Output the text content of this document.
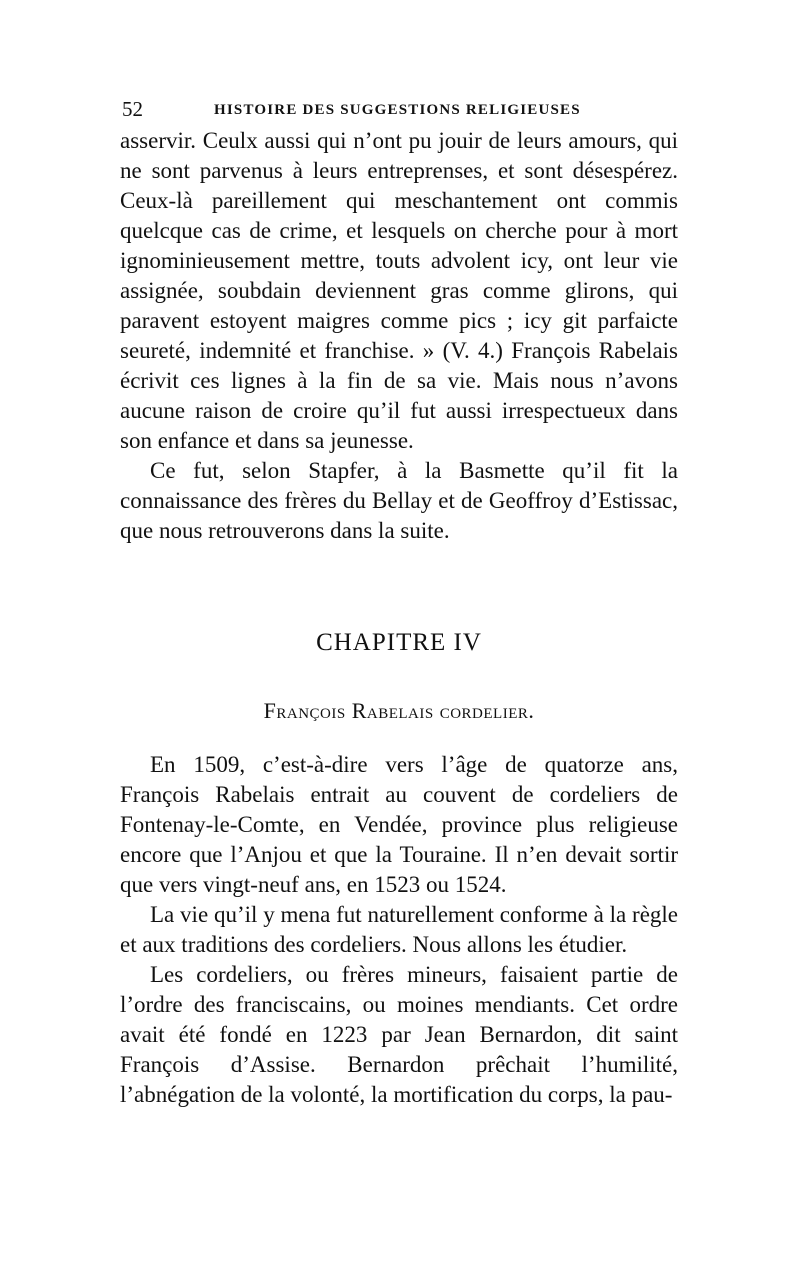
52	HISTOIRE DES SUGGESTIONS RELIGIEUSES

asservir. Ceulx aussi qui n’ont pu jouir de leurs amours, qui ne sont parvenus à leurs entreprenses, et sont désespérez. Ceux-là pareillement qui meschantement ont commis quelcque cas de crime, et lesquels on cherche pour à mort ignominieusement mettre, touts advolent icy, ont leur vie assignée, soubdain deviennent gras comme glirons, qui paravent estoyent maigres comme pics ; icy git parfaicte seureté, indemnité et franchise. » (V. 4.) François Rabelais écrivit ces lignes à la fin de sa vie. Mais nous n’avons aucune raison de croire qu’il fut aussi irrespectueux dans son enfance et dans sa jeunesse.

Ce fut, selon Stapfer, à la Basmette qu’il fit la connaissance des frères du Bellay et de Geoffroy d’Estissac, que nous retrouverons dans la suite.

CHAPITRE IV
François Rabelais cordelier.

En 1509, c’est-à-dire vers l’âge de quatorze ans, François Rabelais entrait au couvent de cordeliers de Fontenay-le-Comte, en Vendée, province plus religieuse encore que l’Anjou et que la Touraine. Il n’en devait sortir que vers vingt-neuf ans, en 1523 ou 1524.

La vie qu’il y mena fut naturellement conforme à la règle et aux traditions des cordeliers. Nous allons les étudier.

Les cordeliers, ou frères mineurs, faisaient partie de l’ordre des franciscains, ou moines mendiants. Cet ordre avait été fondé en 1223 par Jean Bernardon, dit saint François d’Assise. Bernardon prêchait l’humilité, l’abnégation de la volonté, la mortification du corps, la pau-
